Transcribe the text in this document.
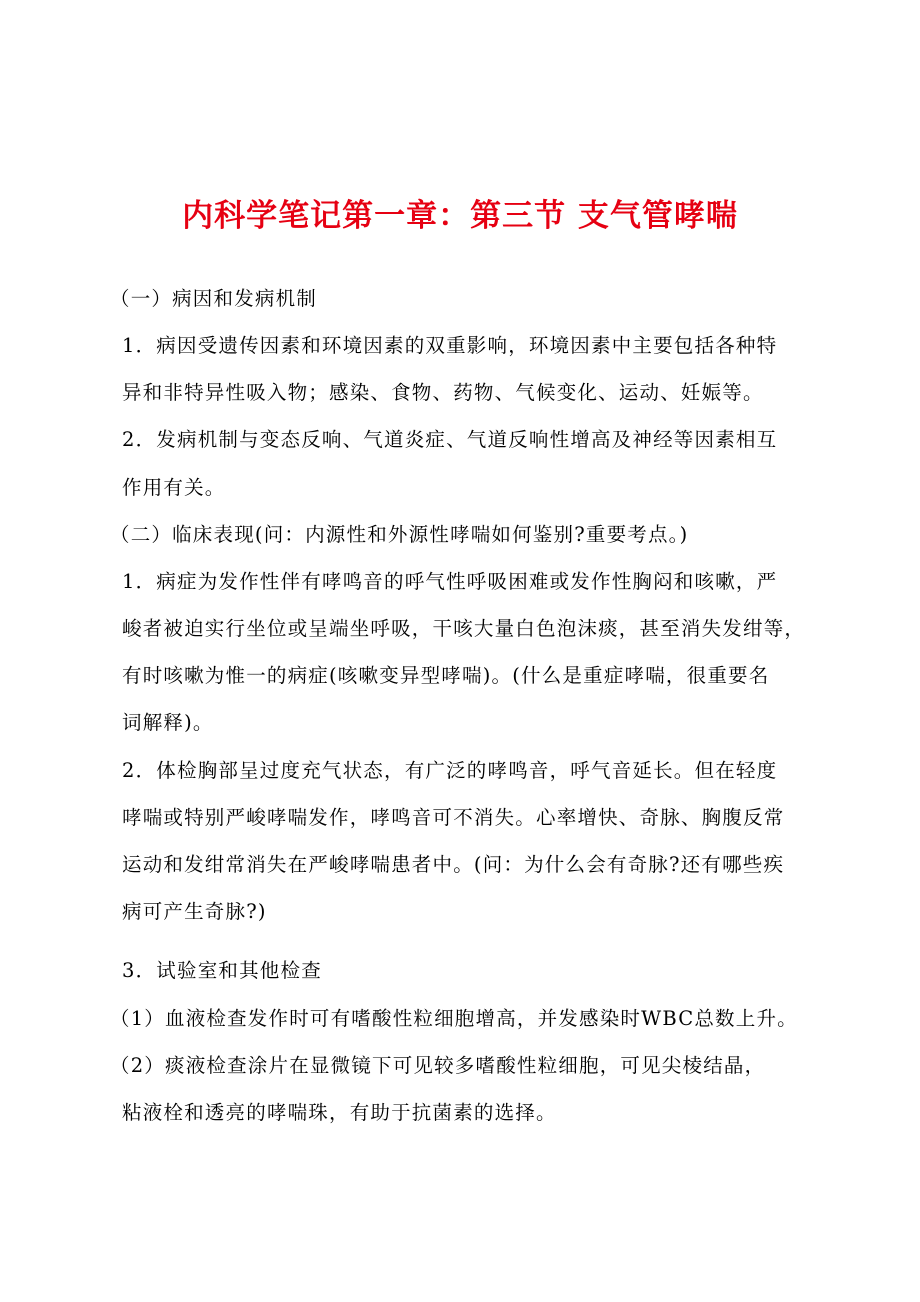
内科学笔记第一章：第三节 支气管哮喘
（一）病因和发病机制
1．病因受遗传因素和环境因素的双重影响，环境因素中主要包括各种特
异和非特异性吸入物；感染、食物、药物、气候变化、运动、妊娠等。
2．发病机制与变态反响、气道炎症、气道反响性增高及神经等因素相互
作用有关。
（二）临床表现(问：内源性和外源性哮喘如何鉴别?重要考点。)
1．病症为发作性伴有哮鸣音的呼气性呼吸困难或发作性胸闷和咳嗽，严
峻者被迫实行坐位或呈端坐呼吸，干咳大量白色泡沫痰，甚至消失发绀等，
有时咳嗽为惟一的病症(咳嗽变异型哮喘)。(什么是重症哮喘，很重要名
词解释)。
2．体检胸部呈过度充气状态，有广泛的哮鸣音，呼气音延长。但在轻度
哮喘或特别严峻哮喘发作，哮鸣音可不消失。心率增快、奇脉、胸腹反常
运动和发绀常消失在严峻哮喘患者中。(问：为什么会有奇脉?还有哪些疾
病可产生奇脉?)
3．试验室和其他检查
（1）血液检查发作时可有嗜酸性粒细胞增高，并发感染时WBC总数上升。
（2）痰液检查涂片在显微镜下可见较多嗜酸性粒细胞，可见尖棱结晶，
粘液栓和透亮的哮喘珠，有助于抗菌素的选择。
